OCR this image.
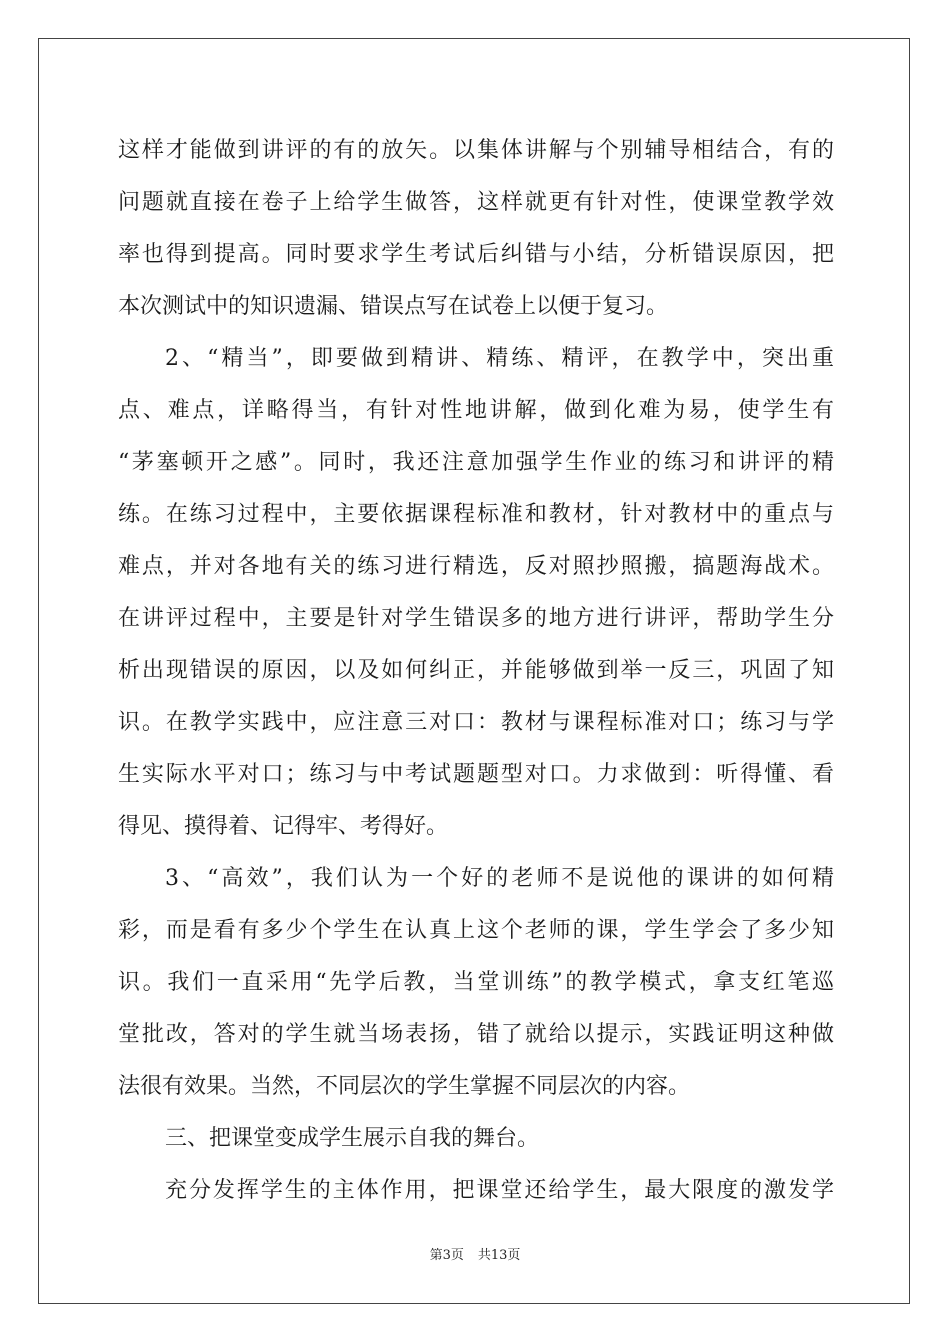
这样才能做到讲评的有的放矢。以集体讲解与个别辅导相结合，有的
问题就直接在卷子上给学生做答，这样就更有针对性，使课堂教学效
率也得到提高。同时要求学生考试后纠错与小结，分析错误原因，把
本次测试中的知识遗漏、错误点写在试卷上以便于复习。
2、“精当”，即要做到精讲、精练、精评，在教学中，突出重
点、难点，详略得当，有针对性地讲解，做到化难为易，使学生有
“茅塞顿开之感”。同时，我还注意加强学生作业的练习和讲评的精
练。在练习过程中，主要依据课程标准和教材，针对教材中的重点与
难点，并对各地有关的练习进行精选，反对照抄照搬，搞题海战术。
在讲评过程中，主要是针对学生错误多的地方进行讲评，帮助学生分
析出现错误的原因，以及如何纠正，并能够做到举一反三，巩固了知
识。在教学实践中，应注意三对口：教材与课程标准对口；练习与学
生实际水平对口；练习与中考试题题型对口。力求做到：听得懂、看
得见、摸得着、记得牢、考得好。
3、“高效”，我们认为一个好的老师不是说他的课讲的如何精
彩，而是看有多少个学生在认真上这个老师的课，学生学会了多少知
识。我们一直采用“先学后教，当堂训练”的教学模式，拿支红笔巡
堂批改，答对的学生就当场表扬，错了就给以提示，实践证明这种做
法很有效果。当然，不同层次的学生掌握不同层次的内容。
三、把课堂变成学生展示自我的舞台。
充分发挥学生的主体作用，把课堂还给学生，最大限度的激发学
第3页 共13页
